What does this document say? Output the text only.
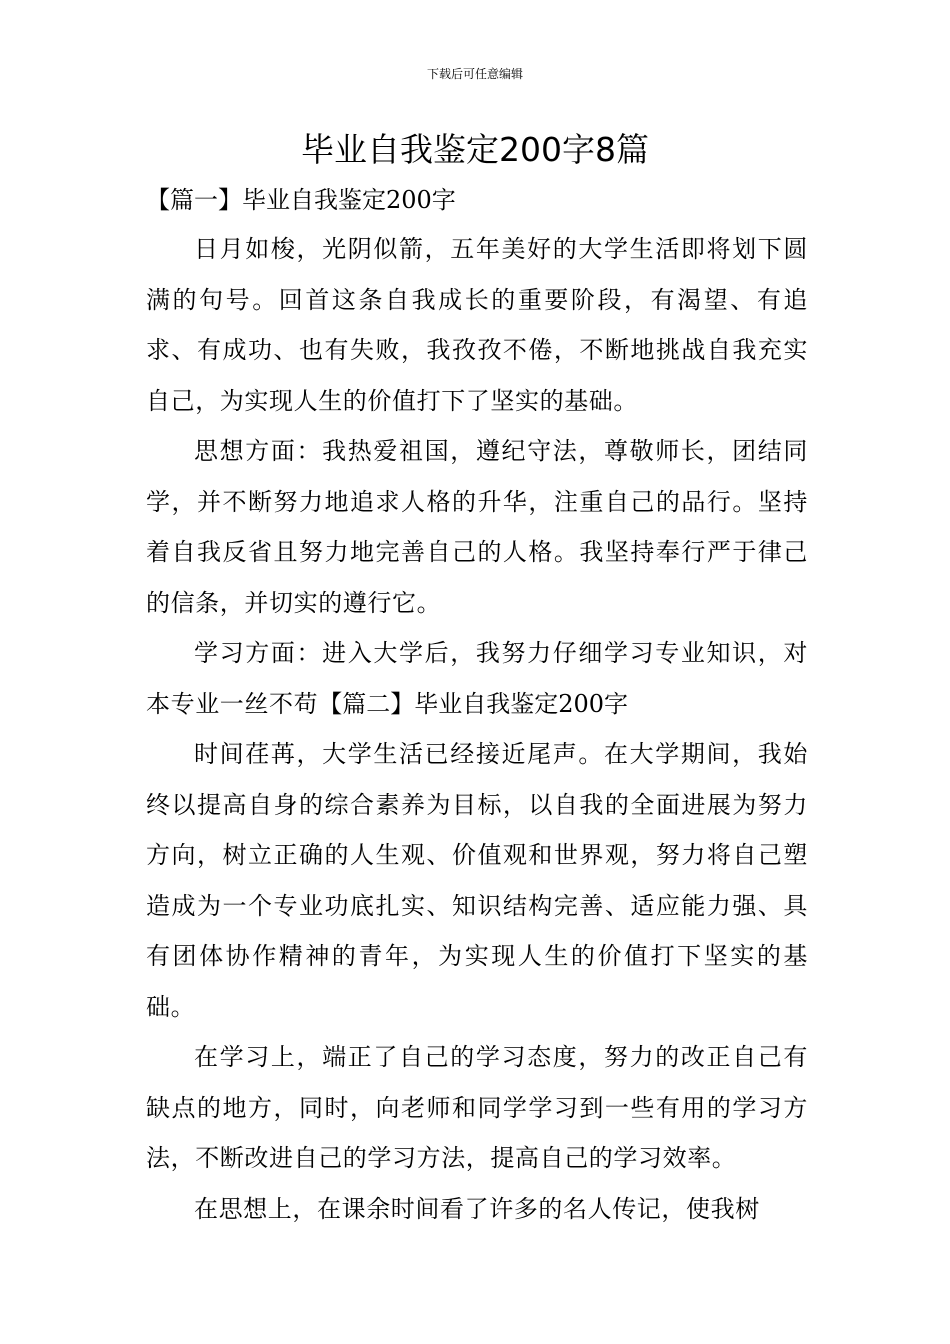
下载后可任意编辑
毕业自我鉴定200字8篇
【篇一】毕业自我鉴定200字

日月如梭，光阴似箭，五年美好的大学生活即将划下圆满的句号。回首这条自我成长的重要阶段，有渴望、有追求、有成功、也有失败，我孜孜不倦，不断地挑战自我充实自己，为实现人生的价值打下了坚实的基础。

思想方面：我热爱祖国，遵纪守法，尊敬师长，团结同学，并不断努力地追求人格的升华，注重自己的品行。坚持着自我反省且努力地完善自己的人格。我坚持奉行严于律己的信条，并切实的遵行它。

学习方面：进入大学后，我努力仔细学习专业知识，对本专业一丝不苟【篇二】毕业自我鉴定200字

时间荏苒，大学生活已经接近尾声。在大学期间，我始终以提高自身的综合素养为目标，以自我的全面进展为努力方向，树立正确的人生观、价值观和世界观，努力将自己塑造成为一个专业功底扎实、知识结构完善、适应能力强、具有团体协作精神的青年，为实现人生的价值打下坚实的基础。

在学习上，端正了自己的学习态度，努力的改正自己有缺点的地方，同时，向老师和同学学习到一些有用的学习方法，不断改进自己的学习方法，提高自己的学习效率。

在思想上，在课余时间看了许多的名人传记，使我树
